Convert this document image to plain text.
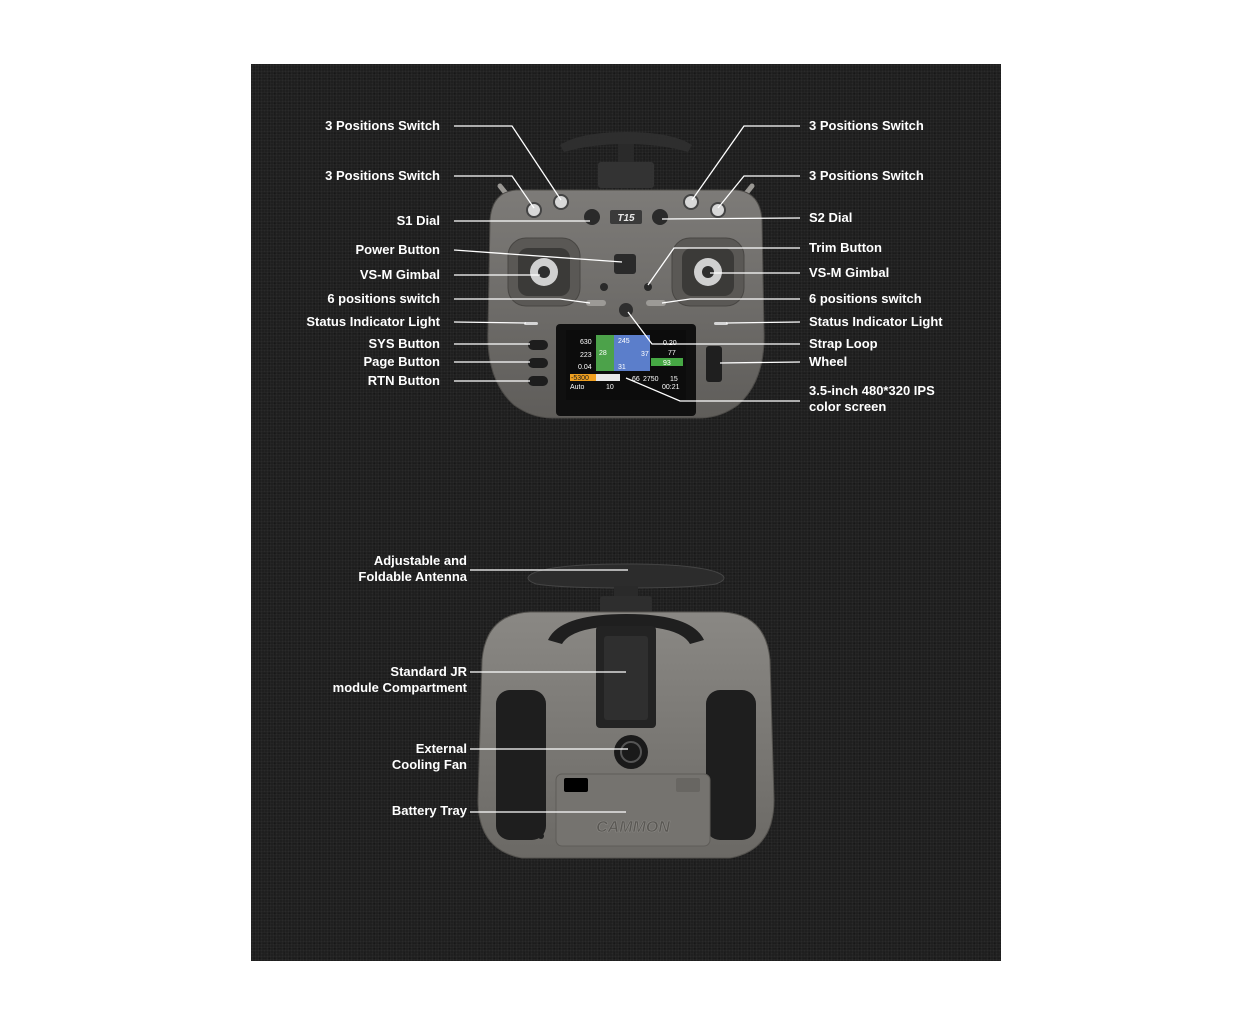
T15
630
223
0.04
245
28
31
37
66 2750
0.20
77
93
15
00:21
Auto	10
-5300
CAMMON
3 Positions Switch
3 Positions Switch
S1 Dial
Power Button
VS-M Gimbal
6 positions switch
Status Indicator Light
SYS Button
Page Button
RTN Button
3 Positions Switch
3 Positions Switch
S2 Dial
Trim Button
VS-M Gimbal
6 positions switch
Status Indicator Light
Strap Loop
Wheel
3.5-inch 480*320 IPS
color screen
Adjustable and
Foldable Antenna
Standard JR
module Compartment
External
Cooling Fan
Battery Tray
